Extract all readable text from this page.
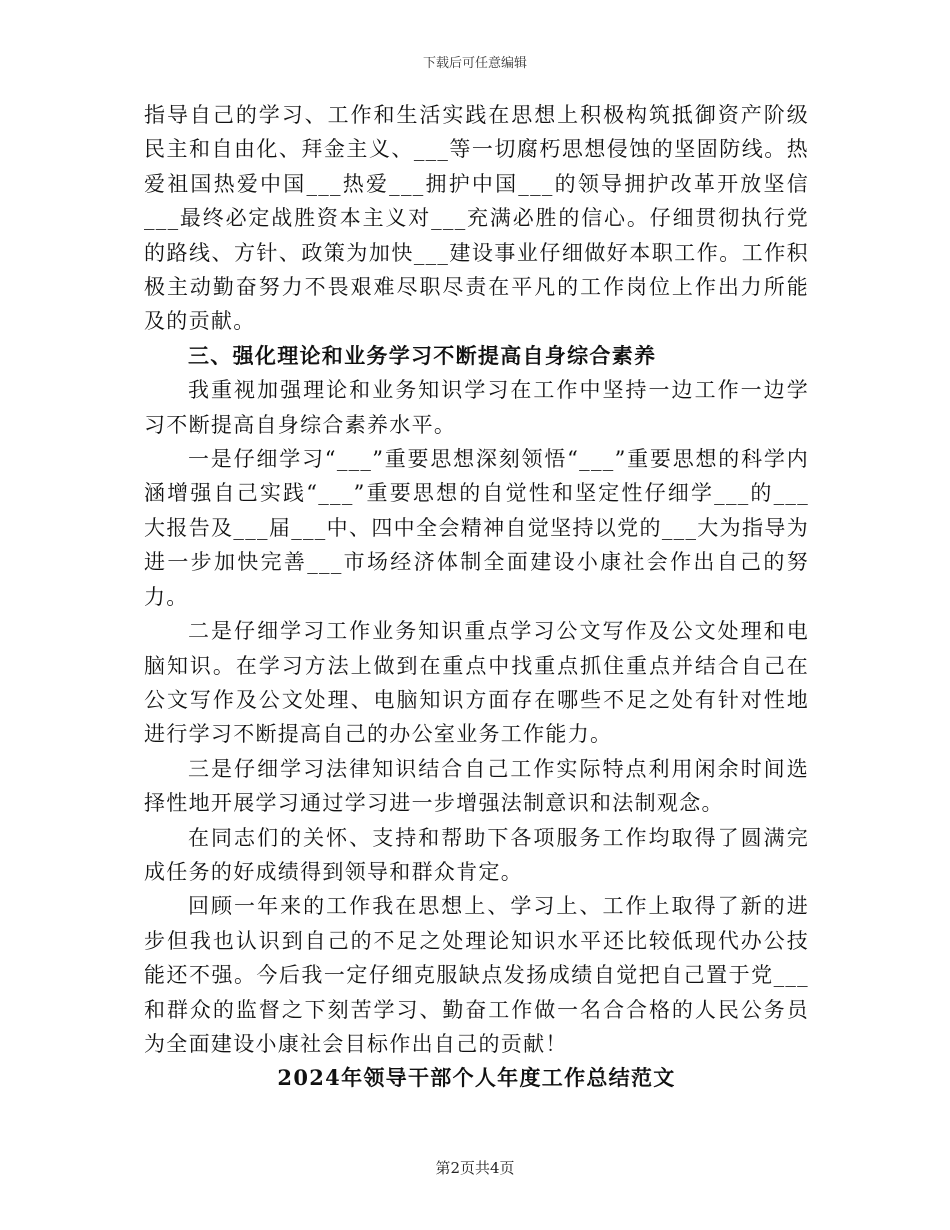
下载后可任意编辑

指导自己的学习、工作和生活实践在思想上积极构筑抵御资产阶级民主和自由化、拜金主义、___等一切腐朽思想侵蚀的坚固防线。热爱祖国热爱中国___热爱___拥护中国___的领导拥护改革开放坚信___最终必定战胜资本主义对___充满必胜的信心。仔细贯彻执行党的路线、方针、政策为加快___建设事业仔细做好本职工作。工作积极主动勤奋努力不畏艰难尽职尽责在平凡的工作岗位上作出力所能及的贡献。

三、强化理论和业务学习不断提高自身综合素养

我重视加强理论和业务知识学习在工作中坚持一边工作一边学习不断提高自身综合素养水平。

一是仔细学习“___”重要思想深刻领悟“___”重要思想的科学内涵增强自己实践“___”重要思想的自觉性和坚定性仔细学___的___大报告及___届___中、四中全会精神自觉坚持以党的___大为指导为进一步加快完善___市场经济体制全面建设小康社会作出自己的努力。

二是仔细学习工作业务知识重点学习公文写作及公文处理和电脑知识。在学习方法上做到在重点中找重点抓住重点并结合自己在公文写作及公文处理、电脑知识方面存在哪些不足之处有针对性地进行学习不断提高自己的办公室业务工作能力。

三是仔细学习法律知识结合自己工作实际特点利用闲余时间选择性地开展学习通过学习进一步增强法制意识和法制观念。

在同志们的关怀、支持和帮助下各项服务工作均取得了圆满完成任务的好成绩得到领导和群众肯定。

回顾一年来的工作我在思想上、学习上、工作上取得了新的进步但我也认识到自己的不足之处理论知识水平还比较低现代办公技能还不强。今后我一定仔细克服缺点发扬成绩自觉把自己置于党___和群众的监督之下刻苦学习、勤奋工作做一名合合格的人民公务员为全面建设小康社会目标作出自己的贡献！

2024年领导干部个人年度工作总结范文

第2页共4页
